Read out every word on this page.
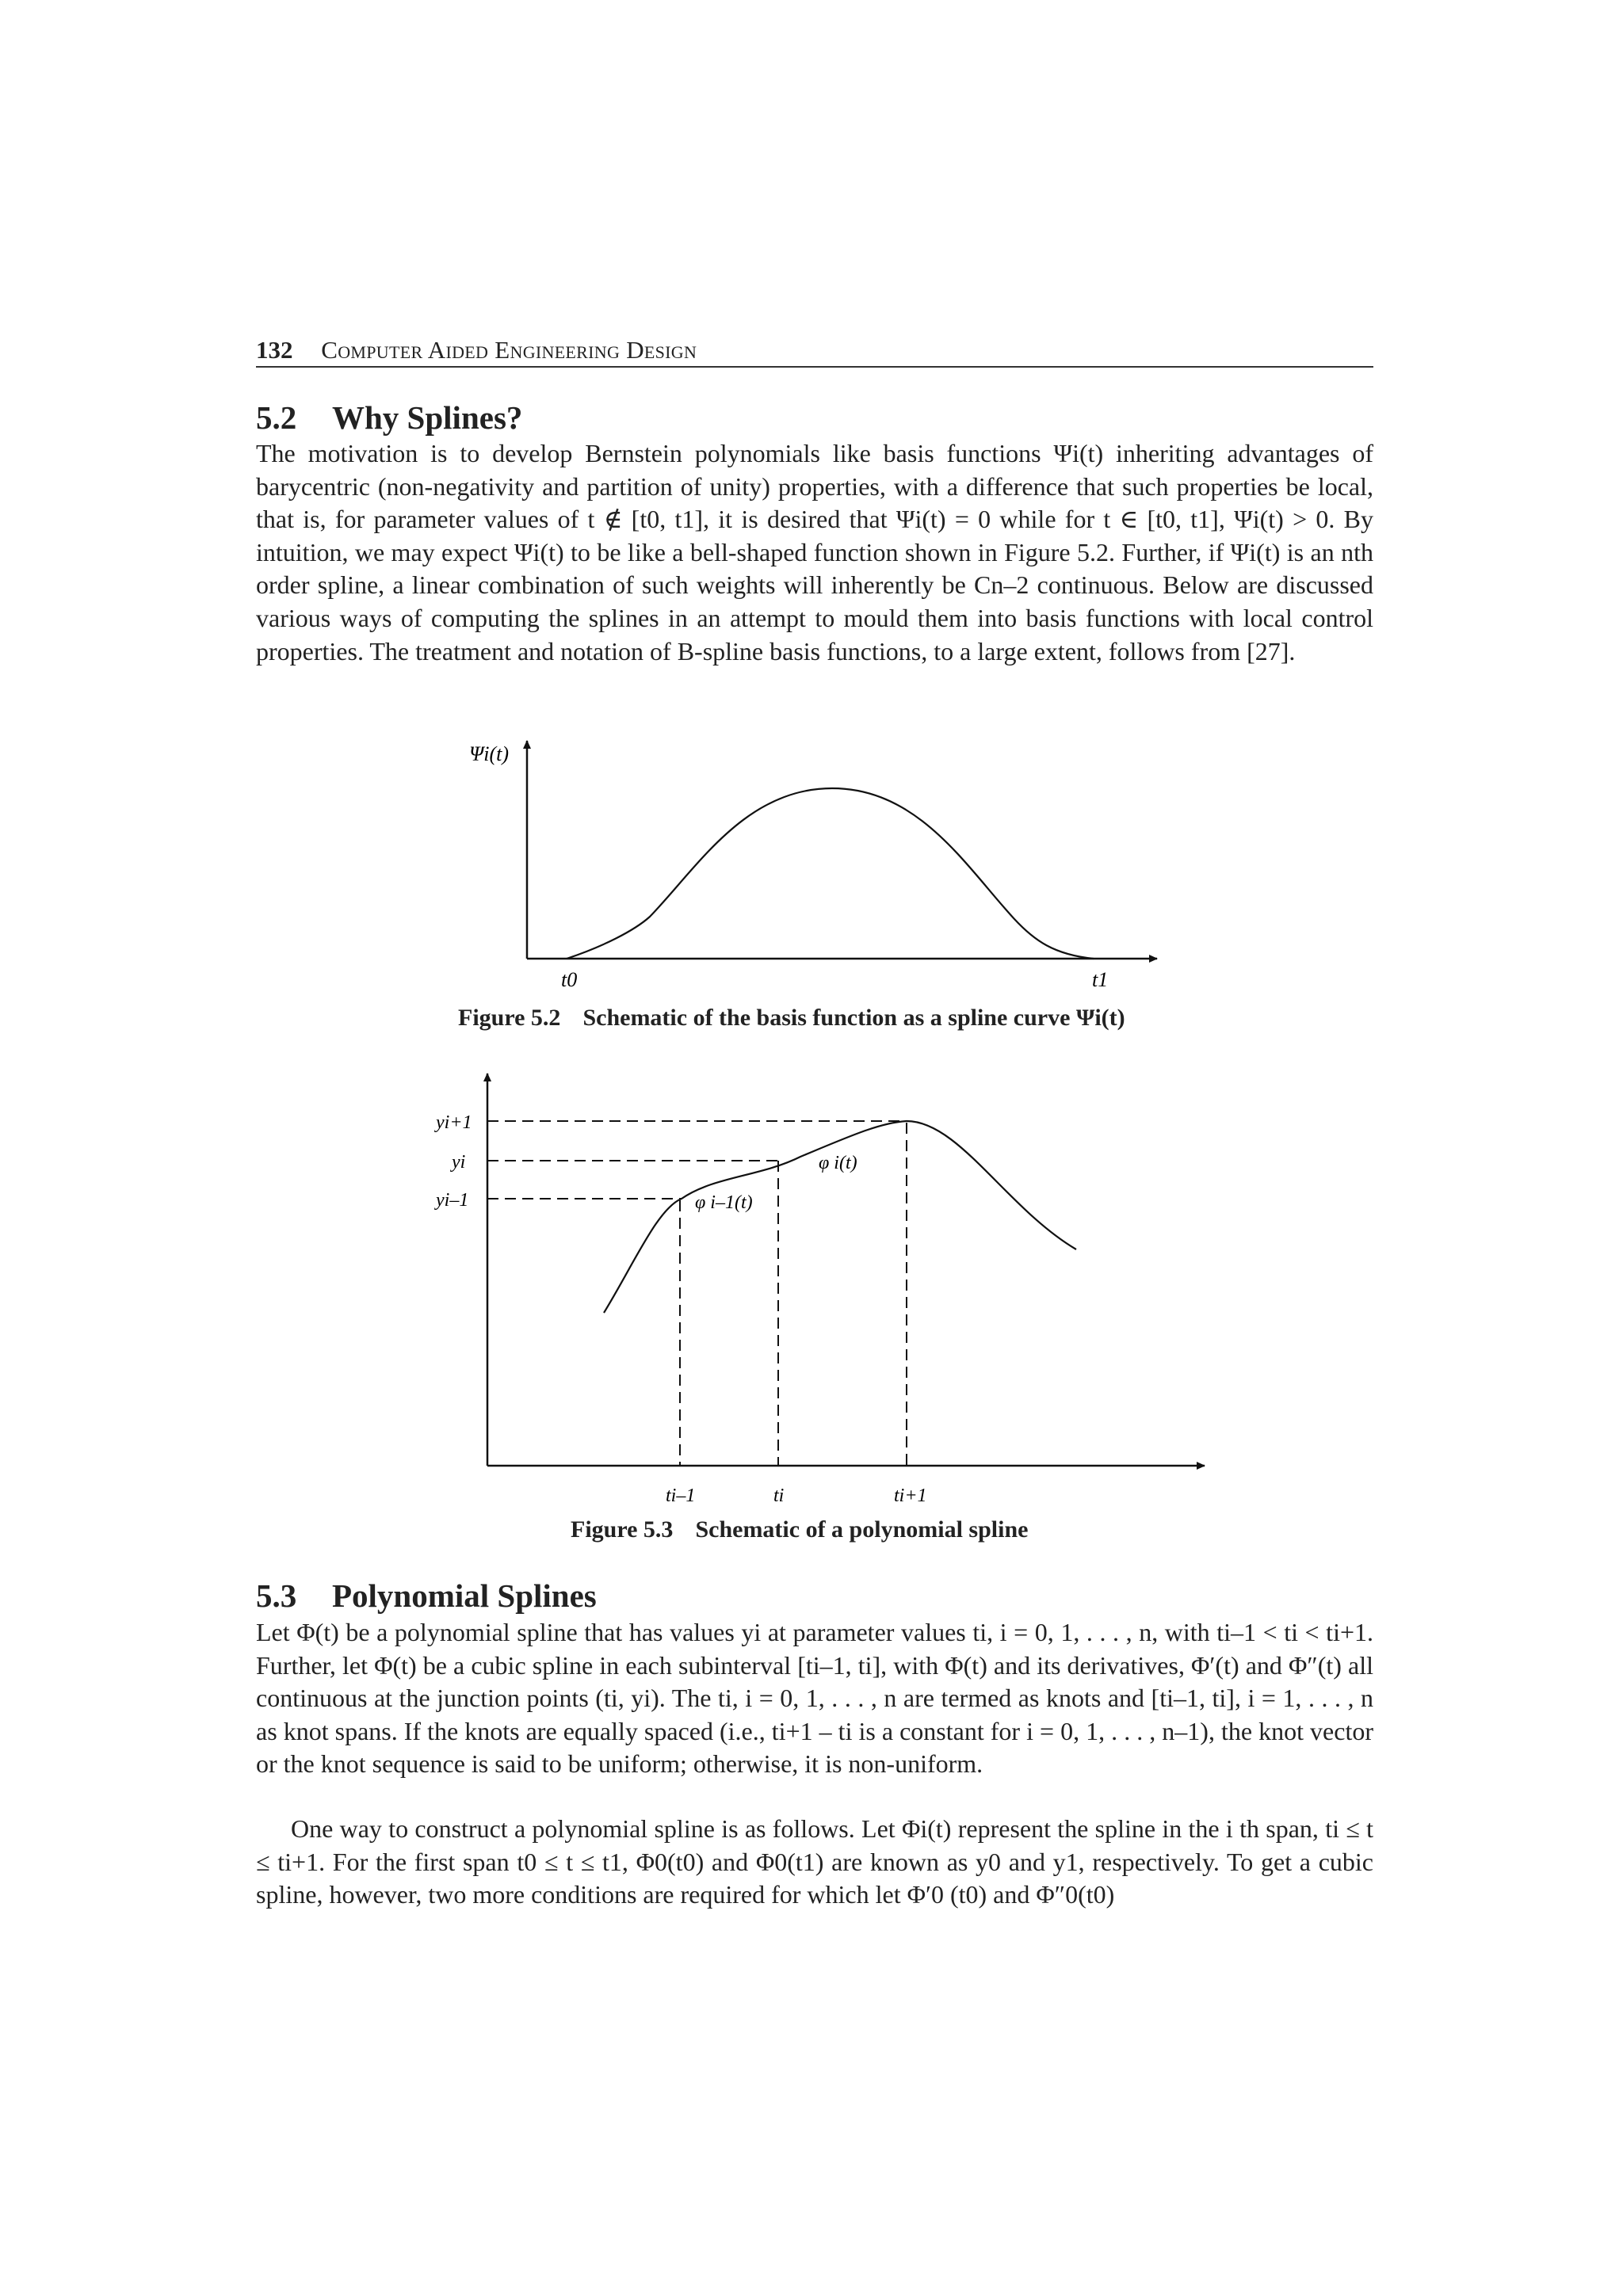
132 Computer Aided Engineering Design
5.2 Why Splines?

The motivation is to develop Bernstein polynomials like basis functions Ψi(t) inheriting advantages of barycentric (non-negativity and partition of unity) properties, with a difference that such properties be local, that is, for parameter values of t ∉ [t0, t1], it is desired that Ψi(t) = 0 while for t ∈ [t0, t1], Ψi(t) > 0. By intuition, we may expect Ψi(t) to be like a bell-shaped function shown in Figure 5.2. Further, if Ψi(t) is an nth order spline, a linear combination of such weights will inherently be Cn–2 continuous. Below are discussed various ways of computing the splines in an attempt to mould them into basis functions with local control properties. The treatment and notation of B-spline basis functions, to a large extent, follows from [27].

Ψi(t)
t0	t1
Figure 5.2 Schematic of the basis function as a spline curve Ψi(t)
yi+1
yi
yi–1
φ i(t)
φ i–1(t)
ti–1	ti	ti+1
Figure 5.3 Schematic of a polynomial spline
5.3 Polynomial Splines

Let Φ(t) be a polynomial spline that has values yi at parameter values ti, i = 0, 1, . . . , n, with ti–1 < ti < ti+1. Further, let Φ(t) be a cubic spline in each subinterval [ti–1, ti], with Φ(t) and its derivatives, Φ′(t) and Φ″(t) all continuous at the junction points (ti, yi). The ti, i = 0, 1, . . . , n are termed as knots and [ti–1, ti], i = 1, . . . , n as knot spans. If the knots are equally spaced (i.e., ti+1 – ti is a constant for i = 0, 1, . . . , n–1), the knot vector or the knot sequence is said to be uniform; otherwise, it is non-uniform.

One way to construct a polynomial spline is as follows. Let Φi(t) represent the spline in the i th span, ti ≤ t ≤ ti+1. For the first span t0 ≤ t ≤ t1, Φ0(t0) and Φ0(t1) are known as y0 and y1, respectively. To get a cubic spline, however, two more conditions are required for which let Φ′0 (t0) and Φ″0(t0)
